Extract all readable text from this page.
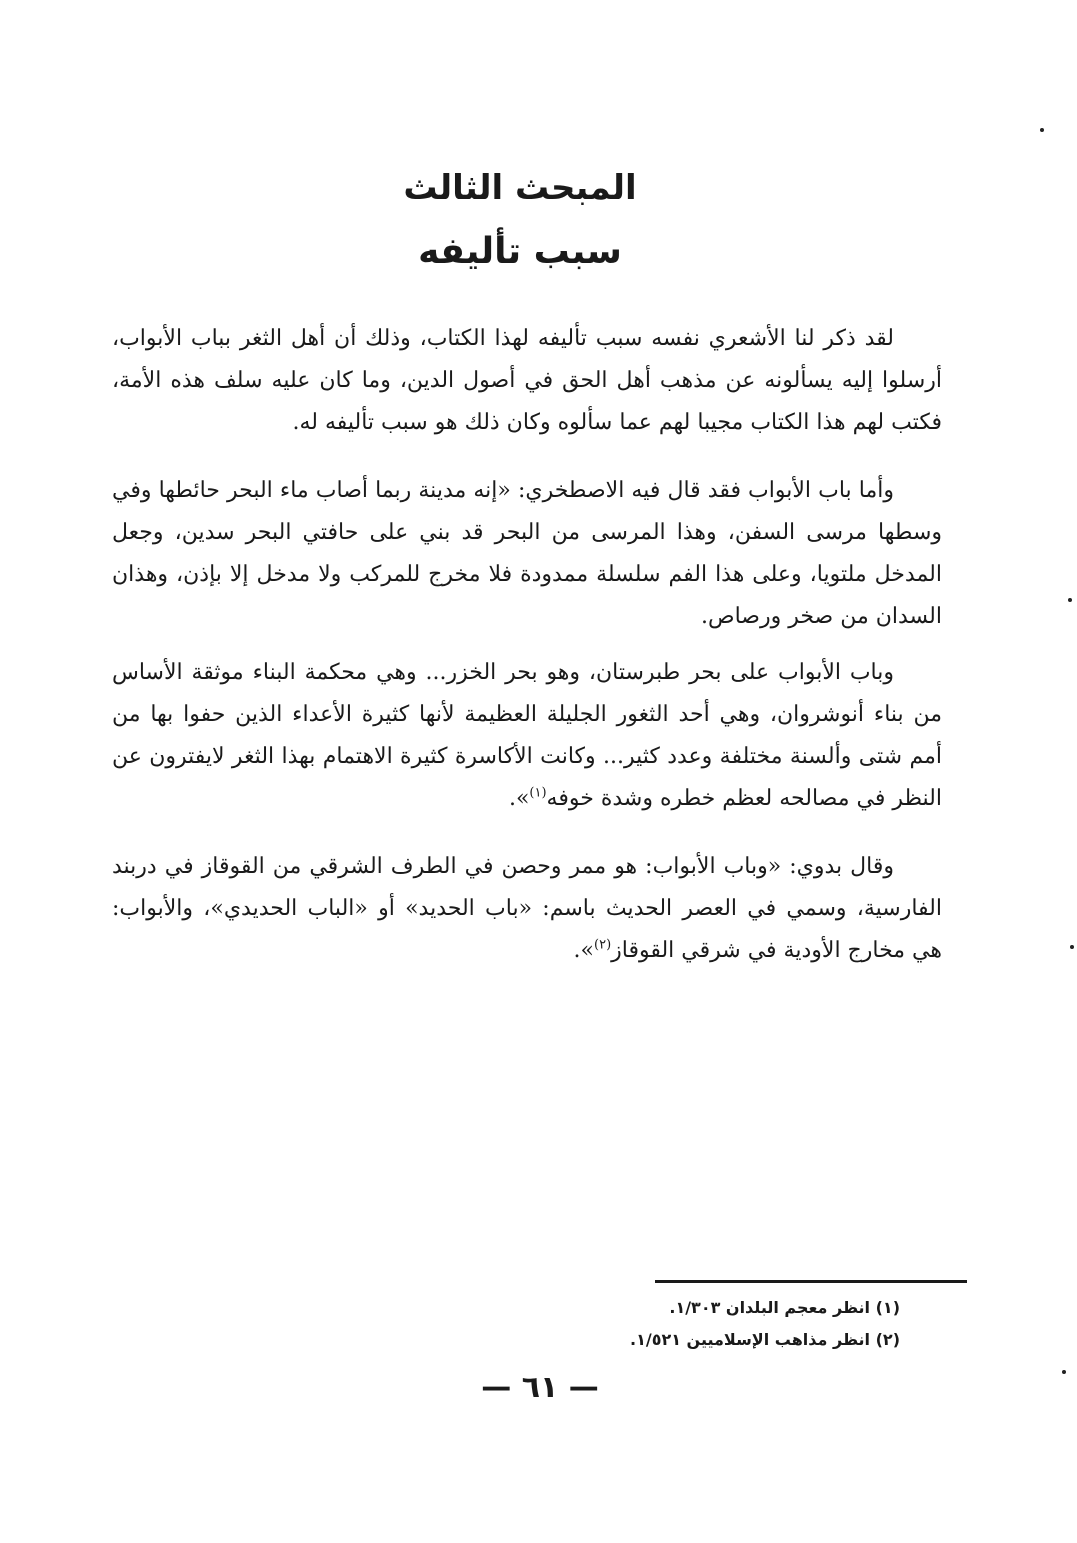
المبحث الثالث
سبب تأليفه

لقد ذكر لنا الأشعري نفسه سبب تأليفه لهذا الكتاب، وذلك أن أهل الثغر بباب الأبواب، أرسلوا إليه يسألونه عن مذهب أهل الحق في أصول الدين، وما كان عليه سلف هذه الأمة، فكتب لهم هذا الكتاب مجيبا لهم عما سألوه وكان ذلك هو سبب تأليفه له.

وأما باب الأبواب فقد قال فيه الاصطخري: «إنه مدينة ربما أصاب ماء البحر حائطها وفي وسطها مرسى السفن، وهذا المرسى من البحر قد بني على حافتي البحر سدين، وجعل المدخل ملتويا، وعلى هذا الفم سلسلة ممدودة فلا مخرج للمركب ولا مدخل إلا بإذن، وهذان السدان من صخر ورصاص.

وباب الأبواب على بحر طبرستان، وهو بحر الخزر... وهي محكمة البناء موثقة الأساس من بناء أنوشروان، وهي أحد الثغور الجليلة العظيمة لأنها كثيرة الأعداء الذين حفوا بها من أمم شتى وألسنة مختلفة وعدد كثير... وكانت الأكاسرة كثيرة الاهتمام بهذا الثغر لايفترون عن النظر في مصالحه لعظم خطره وشدة خوفه$^{(١)}$».

وقال بدوي: «وباب الأبواب: هو ممر وحصن في الطرف الشرقي من القوقاز في دربند الفارسية، وسمي في العصر الحديث باسم: «باب الحديد» أو «الباب الحديدي»، والأبواب: هي مخارج الأودية في شرقي القوقاز$^{(٢)}$».

(١) انظر معجم البلدان ١/٣٠٣.
(٢) انظر مذاهب الإسلاميين ١/٥٢١.
— ٦١ —
